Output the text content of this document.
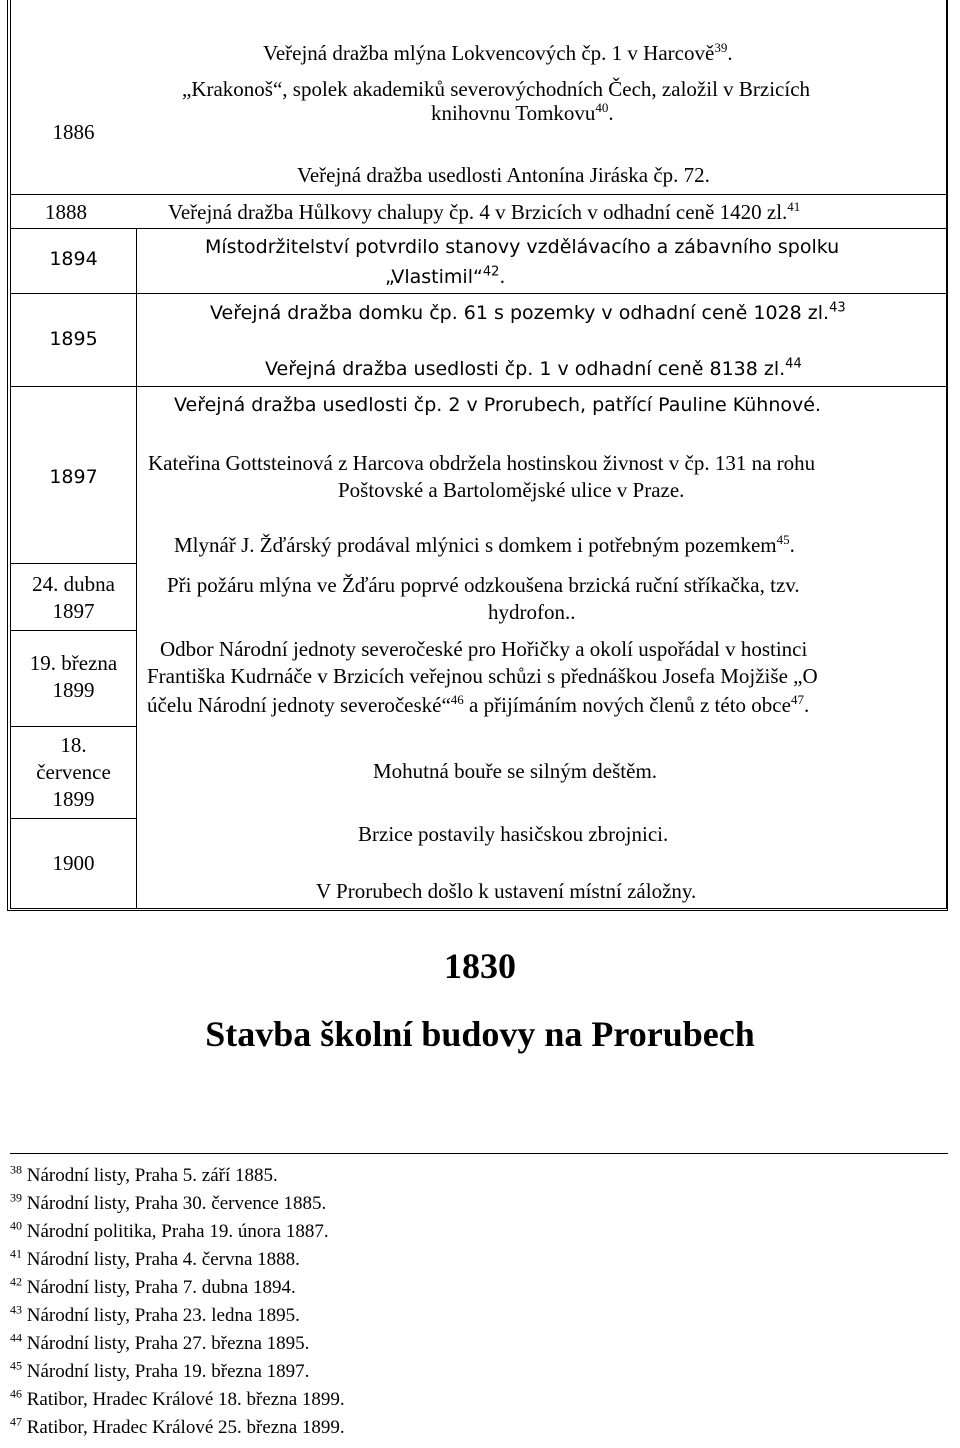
1886
Veřejná dražba mlýna Lokvencových čp. 1 v Harcově$^{39}$.
„Krakonoš“, spolek akademiků severovýchodních Čech, založil v Brzicích
knihovnu Tomkovu$^{40}$.
Veřejná dražba usedlosti Antonína Jiráska čp. 72.
1888	Veřejná dražba Hůlkovy chalupy čp. 4 v Brzicích v odhadní ceně 1420 zl.$^{41}$
1894
Místodržitelství potvrdilo stanovy vzdělávacího a zábavního spolku
„Vlastimil“$^{42}$.
1895
Veřejná dražba domku čp. 61 s pozemky v odhadní ceně 1028 zl.$^{43}$
Veřejná dražba usedlosti čp. 1 v odhadní ceně 8138 zl.$^{44}$
1897
Veřejná dražba usedlosti čp. 2 v Prorubech, patřící Pauline Kühnové.
Kateřina Gottsteinová z Harcova obdržela hostinskou živnost v čp. 131 na rohu
Poštovské a Bartolomějské ulice v Praze.
Mlynář J. Žďárský prodával mlýnici s domkem i potřebným pozemkem$^{45}$.
24. dubna
1897
Při požáru mlýna ve Žďáru poprvé odzkoušena brzická ruční stříkačka, tzv.
hydrofon..
19. března
1899
Odbor Národní jednoty severočeské pro Hořičky a okolí uspořádal v hostinci
Františka Kudrnáče v Brzicích veřejnou schůzi s přednáškou Josefa Mojžiše „O
účelu Národní jednoty severočeské“$^{46}$ a přijímáním nových členů z této obce$^{47}$.
18.
července
1899
Mohutná bouře se silným deštěm.
1900
Brzice postavily hasičskou zbrojnici.
V Prorubech došlo k ustavení místní záložny.
1830
Stavba školní budovy na Prorubech
$^{38}$ Národní listy, Praha 5. září 1885.
$^{39}$ Národní listy, Praha 30. července 1885.
$^{40}$ Národní politika, Praha 19. února 1887.
$^{41}$ Národní listy, Praha 4. června 1888.
$^{42}$ Národní listy, Praha 7. dubna 1894.
$^{43}$ Národní listy, Praha 23. ledna 1895.
$^{44}$ Národní listy, Praha 27. března 1895.
$^{45}$ Národní listy, Praha 19. března 1897.
$^{46}$ Ratibor, Hradec Králové 18. března 1899.
$^{47}$ Ratibor, Hradec Králové 25. března 1899.
